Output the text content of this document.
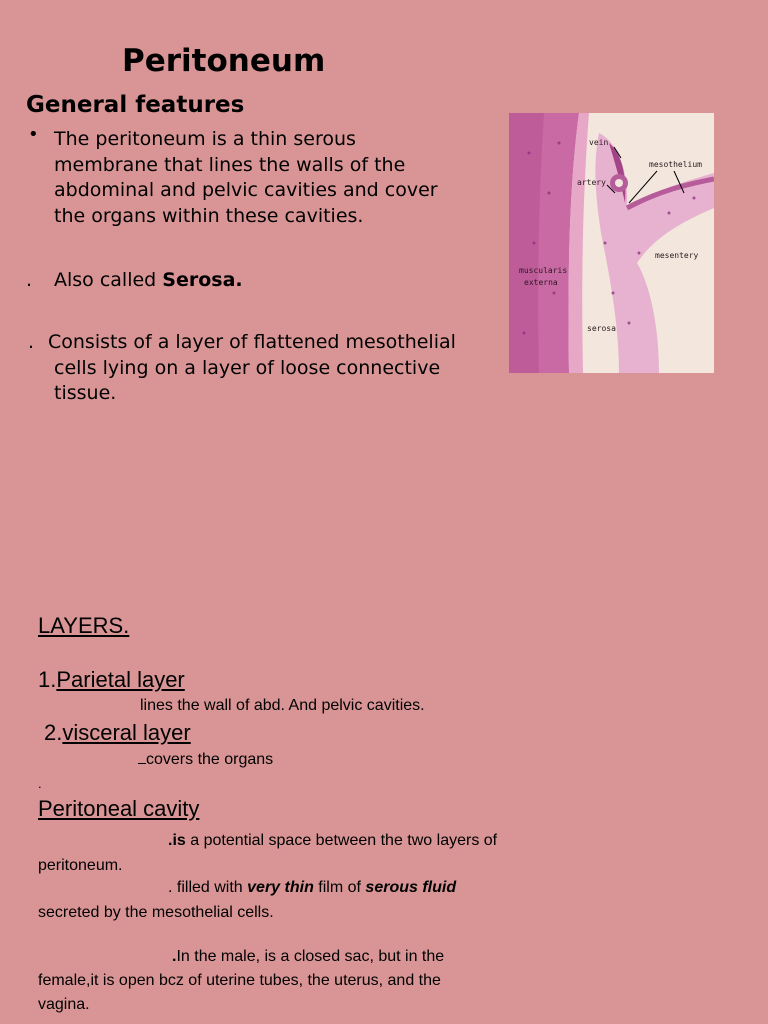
Peritoneum
General features
• The peritoneum is a thin serous
membrane that lines the walls of the
abdominal and pelvic cavities and cover
the organs within these cavities.
. Also called Serosa.
. Consists of a layer of flattened mesothelial
cells lying on a layer of loose connective
tissue.
vein
artery
mesothelium
mesentery
muscularis
externa
serosa
LAYERS.
1.Parietal layer
lines the wall of abd. And pelvic cavities.
2.visceral layer
covers the organs
.
Peritoneal cavity
.is a potential space between the two layers of
peritoneum.
. filled with very thin film of serous fluid
secreted by the mesothelial cells.
.In the male, is a closed sac, but in the
female,it is open bcz of uterine tubes, the uterus, and the
vagina.
